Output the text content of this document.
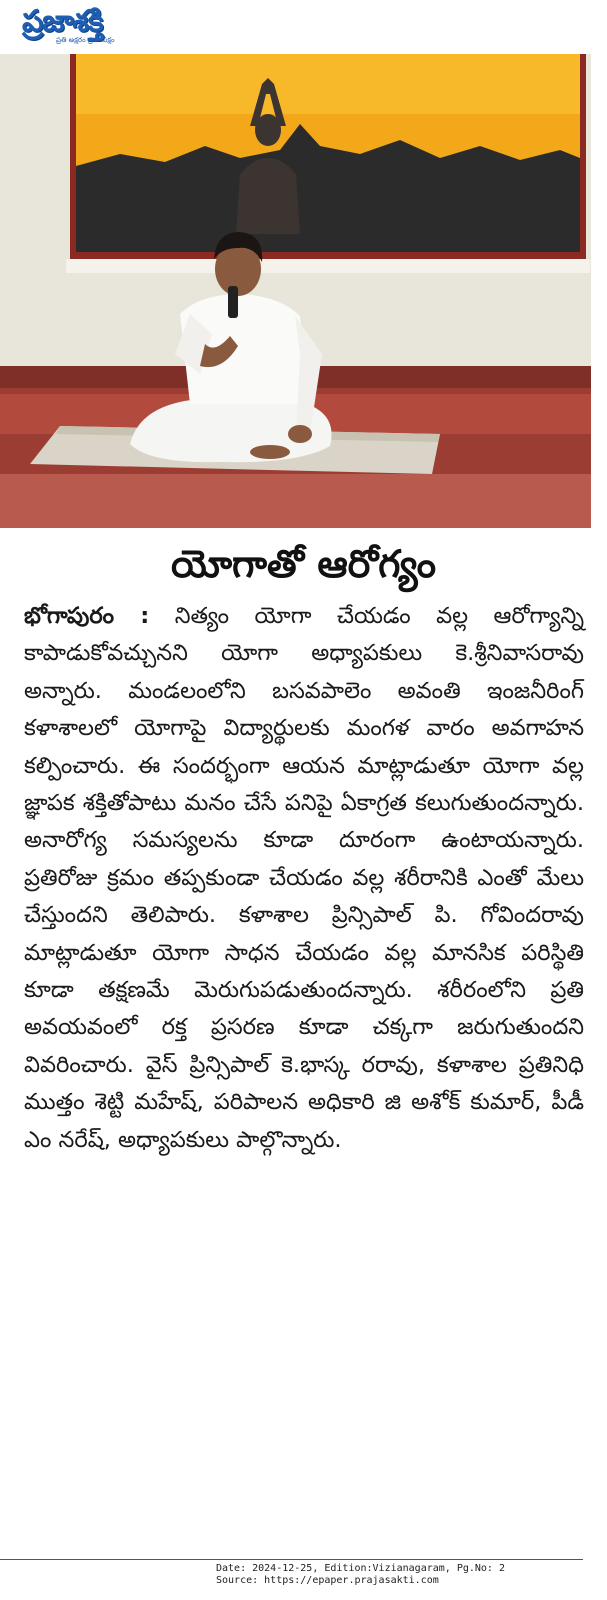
ప్రజాశక్తి
ప్రతి అక్షరం ప్రజా పక్షం
యోగాతో ఆరోగ్యం

భోగాపురం : నిత్యం యోగా చేయడం వల్ల ఆరోగ్యాన్ని కాపాడుకోవచ్చునని యోగా అధ్యాపకులు కె.శ్రీనివాసరావు అన్నారు. మండలంలోని బసవపాలెం అవంతి ఇంజనీరింగ్ కళాశాలలో యోగాపై విద్యార్థులకు మంగళ వారం అవగాహన కల్పించారు. ఈ సందర్భంగా ఆయన మాట్లాడుతూ యోగా వల్ల జ్ఞాపక శక్తితోపాటు మనం చేసే పనిపై ఏకాగ్రత కలుగుతుందన్నారు. అనారోగ్య సమస్యలను కూడా దూరంగా ఉంటాయన్నారు. ప్రతిరోజు క్రమం తప్పకుండా చేయడం వల్ల శరీరానికి ఎంతో మేలు చేస్తుందని తెలిపారు. కళాశాల ప్రిన్సిపాల్ పి. గోవిందరావు మాట్లాడుతూ యోగా సాధన చేయడం వల్ల మానసిక పరిస్థితి కూడా తక్షణమే మెరుగుపడుతుందన్నారు. శరీరంలోని ప్రతి అవయవంలో రక్త ప్రసరణ కూడా చక్కగా జరుగుతుందని వివరించారు. వైస్ ప్రిన్సిపాల్ కె.భాస్క రరావు, కళాశాల ప్రతినిధి ముత్తం శెట్టి మహేష్, పరిపాలన అధికారి జి అశోక్ కుమార్, పీడీ ఎం నరేష్, అధ్యాపకులు పాల్గొన్నారు.

Date: 2024-12-25, Edition:Vizianagaram, Pg.No: 2
Source: https://epaper.prajasakti.com
